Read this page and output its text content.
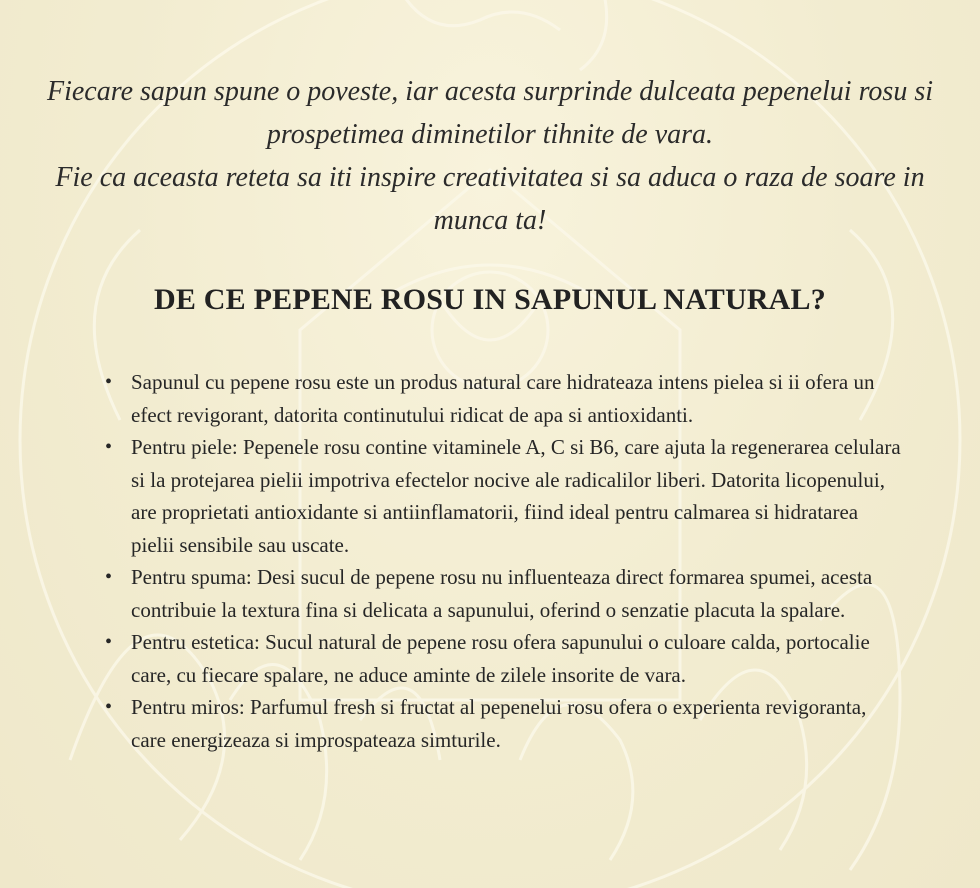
Fiecare sapun spune o poveste, iar acesta surprinde dulceata pepenelui rosu si prospetimea diminetilor tihnite de vara.

Fie ca aceasta reteta sa iti inspire creativitatea si sa aduca o raza de soare in munca ta!

DE CE PEPENE ROSU IN SAPUNUL NATURAL?
• Sapunul cu pepene rosu este un produs natural care hidrateaza intens pielea si ii ofera un efect revigorant, datorita continutului ridicat de apa si antioxidanti.
• Pentru piele: Pepenele rosu contine vitaminele A, C si B6, care ajuta la regenerarea celulara si la protejarea pielii impotriva efectelor nocive ale radicalilor liberi. Datorita licopenului, are proprietati antioxidante si antiinflamatorii, fiind ideal pentru calmarea si hidratarea pielii sensibile sau uscate.
• Pentru spuma: Desi sucul de pepene rosu nu influenteaza direct formarea spumei, acesta contribuie la textura fina si delicata a sapunului, oferind o senzatie placuta la spalare.
• Pentru estetica: Sucul natural de pepene rosu ofera sapunului o culoare calda, portocalie care, cu fiecare spalare, ne aduce aminte de zilele insorite de vara.
• Pentru miros: Parfumul fresh si fructat al pepenelui rosu ofera o experienta revigoranta, care energizeaza si improspateaza simturile.
